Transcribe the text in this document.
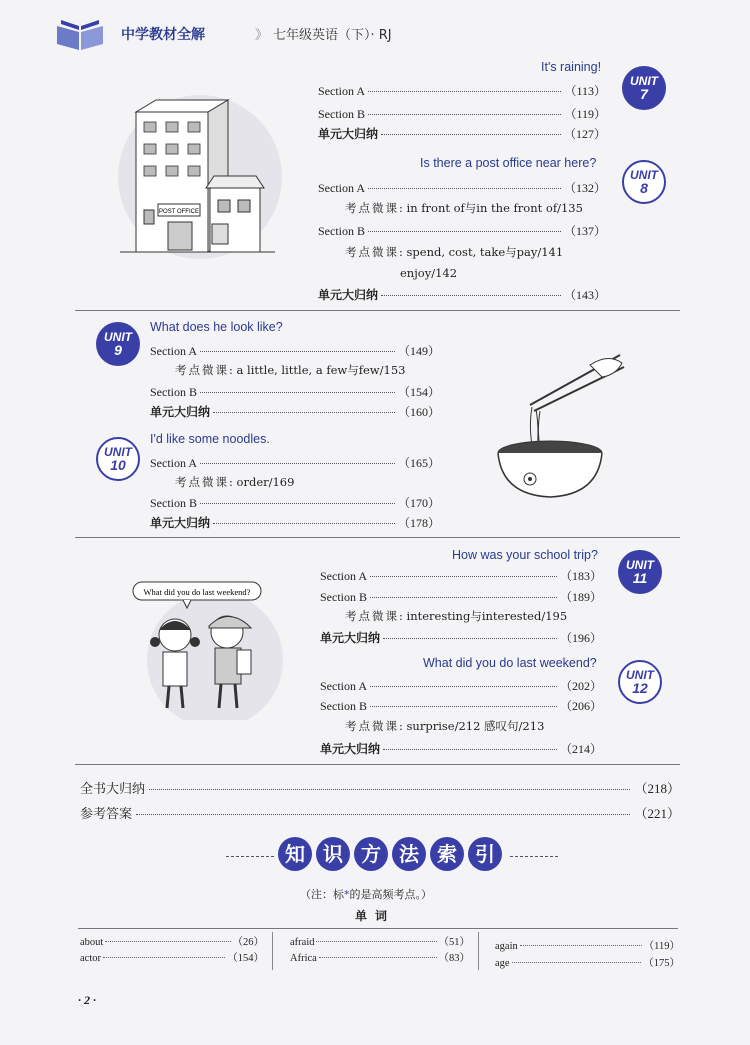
中学教材全解	》 七年级英语（下）· RJ
It's raining!
UNIT
7
Section A	（113）
Section B	（119）
单元大归纳	（127）
POST OFFICE
Is there a post office near here?
UNIT
8
Section A	（132）
考点微课: in front of与in the front of/135
Section B	（137）
考点微课: spend, cost, take与pay/141
enjoy/142
单元大归纳	（143）
UNIT
9
What does he look like?
Section A	（149）
考点微课: a little, little, a few与few/153
Section B	（154）
单元大归纳	（160）
UNIT
10
I'd like some noodles.
Section A	（165）
考点微课: order/169
Section B	（170）
单元大归纳	（178）
How was your school trip?
UNIT
11
Section A	（183）
Section B	（189）
考点微课: interesting与interested/195
单元大归纳	（196）
What did you do last weekend?
What did you do last weekend?
UNIT
12
Section A	（202）
Section B	（206）
考点微课: surprise/212 感叹句/213
单元大归纳	（214）
全书大归纳	（218）
参考答案	（221）
知 识 方 法 索 引
（注：标*的是高频考点。）
单词
about	（26）
actor	（154）
afraid	（51）
Africa	（83）
again	（119）
age	（175）
· 2 ·
